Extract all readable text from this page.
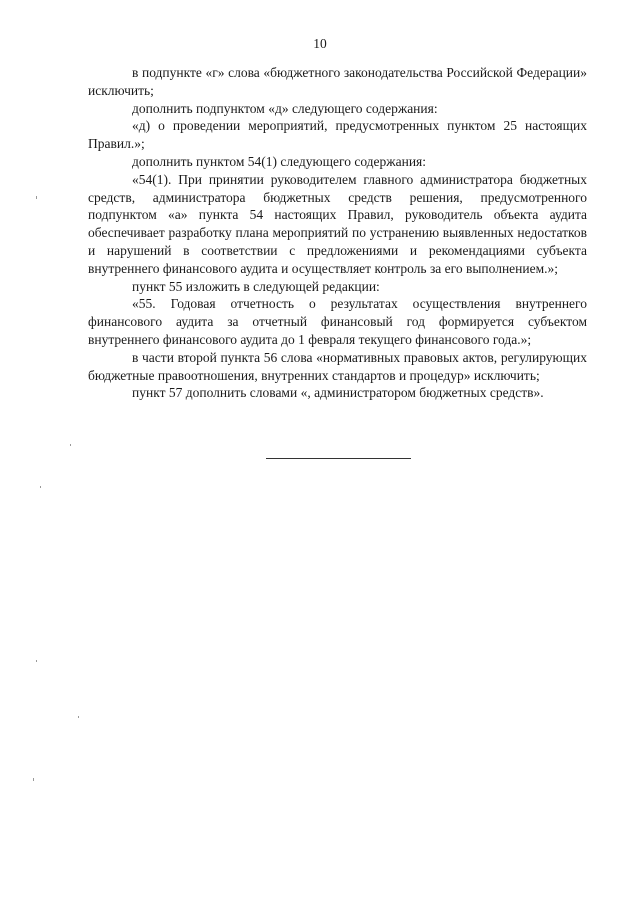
10

в подпункте «г» слова «бюджетного законодательства Российской Федерации» исключить;

дополнить подпунктом «д» следующего содержания:

«д) о проведении мероприятий, предусмотренных пунктом 25 настоящих Правил.»;

дополнить пунктом 54(1) следующего содержания:

«54(1). При принятии руководителем главного администратора бюджетных средств, администратора бюджетных средств решения, предусмотренного подпунктом «а» пункта 54 настоящих Правил, руководитель объекта аудита обеспечивает разработку плана мероприятий по устранению выявленных недостатков и нарушений в соответствии с предложениями и рекомендациями субъекта внутреннего финансового аудита и осуществляет контроль за его выполнением.»;

пункт 55 изложить в следующей редакции:

«55. Годовая отчетность о результатах осуществления внутреннего финансового аудита за отчетный финансовый год формируется субъектом внутреннего финансового аудита до 1 февраля текущего финансового года.»;

в части второй пункта 56 слова «нормативных правовых актов, регулирующих бюджетные правоотношения, внутренних стандартов и процедур» исключить;

пункт 57 дополнить словами «, администратором бюджетных средств».
